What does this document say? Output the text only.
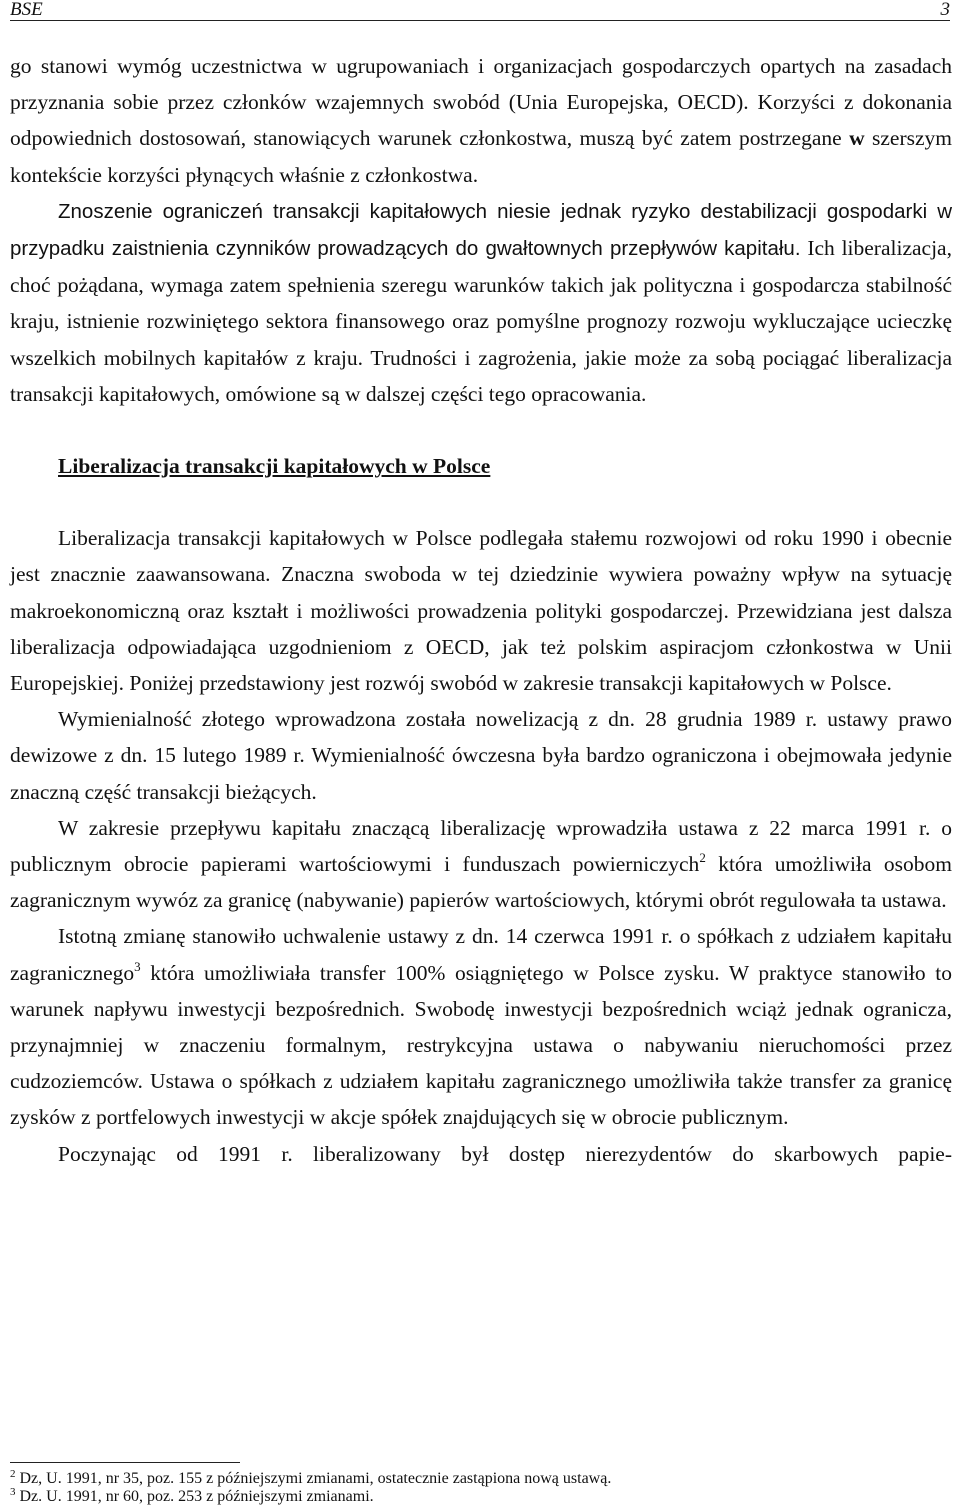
BSE	3

go stanowi wymóg uczestnictwa w ugrupowaniach i organizacjach gospodarczych opartych na zasadach przyznania sobie przez członków wzajemnych swobód (Unia Europejska, OECD). Korzyści z dokonania odpowiednich dostosowań, stanowiących warunek członkostwa, muszą być zatem postrzegane w szerszym kontekście korzyści płynących właśnie z członkostwa.

Znoszenie ograniczeń transakcji kapitałowych niesie jednak ryzyko destabilizacji gospodarki w przypadku zaistnienia czynników prowadzących do gwałtownych przepływów kapitału. Ich liberalizacja, choć pożądana, wymaga zatem spełnienia szeregu warunków takich jak polityczna i gospodarcza stabilność kraju, istnienie rozwiniętego sektora finansowego oraz pomyślne prognozy rozwoju wykluczające ucieczkę wszelkich mobilnych kapitałów z kraju. Trudności i zagrożenia, jakie może za sobą pociągać liberalizacja transakcji kapitałowych, omówione są w dalszej części tego opracowania.

Liberalizacja transakcji kapitałowych w Polsce

Liberalizacja transakcji kapitałowych w Polsce podlegała stałemu rozwojowi od roku 1990 i obecnie jest znacznie zaawansowana. Znaczna swoboda w tej dziedzinie wywiera poważny wpływ na sytuację makroekonomiczną oraz kształt i możliwości prowadzenia polityki gospodarczej. Przewidziana jest dalsza liberalizacja odpowiadająca uzgodnieniom z OECD, jak też polskim aspiracjom członkostwa w Unii Europejskiej. Poniżej przedstawiony jest rozwój swobód w zakresie transakcji kapitałowych w Polsce.

Wymienialność złotego wprowadzona została nowelizacją z dn. 28 grudnia 1989 r. ustawy prawo dewizowe z dn. 15 lutego 1989 r. Wymienialność ówczesna była bardzo ograniczona i obejmowała jedynie znaczną część transakcji bieżących.

W zakresie przepływu kapitału znaczącą liberalizację wprowadziła ustawa z 22 marca 1991 r. o publicznym obrocie papierami wartościowymi i funduszach powierniczych$^2$ która umożliwiła osobom zagranicznym wywóz za granicę (nabywanie) papierów wartościowych, którymi obrót regulowała ta ustawa.

Istotną zmianę stanowiło uchwalenie ustawy z dn. 14 czerwca 1991 r. o spółkach z udziałem kapitału zagranicznego$^3$ która umożliwiała transfer 100% osiągniętego w Polsce zysku. W praktyce stanowiło to warunek napływu inwestycji bezpośrednich. Swobodę inwestycji bezpośrednich wciąż jednak ogranicza, przynajmniej w znaczeniu formalnym, restrykcyjna ustawa o nabywaniu nieruchomości przez cudzoziemców. Ustawa o spółkach z udziałem kapitału zagranicznego umożliwiła także transfer za granicę zysków z portfelowych inwestycji w akcje spółek znajdujących się w obrocie publicznym.

Poczynając od 1991 r. liberalizowany był dostęp nierezydentów do skarbowych papie-

$^2$ Dz, U. 1991, nr 35, poz. 155 z późniejszymi zmianami, ostatecznie zastąpiona nową ustawą.
$^3$ Dz. U. 1991, nr 60, poz. 253 z późniejszymi zmianami.
